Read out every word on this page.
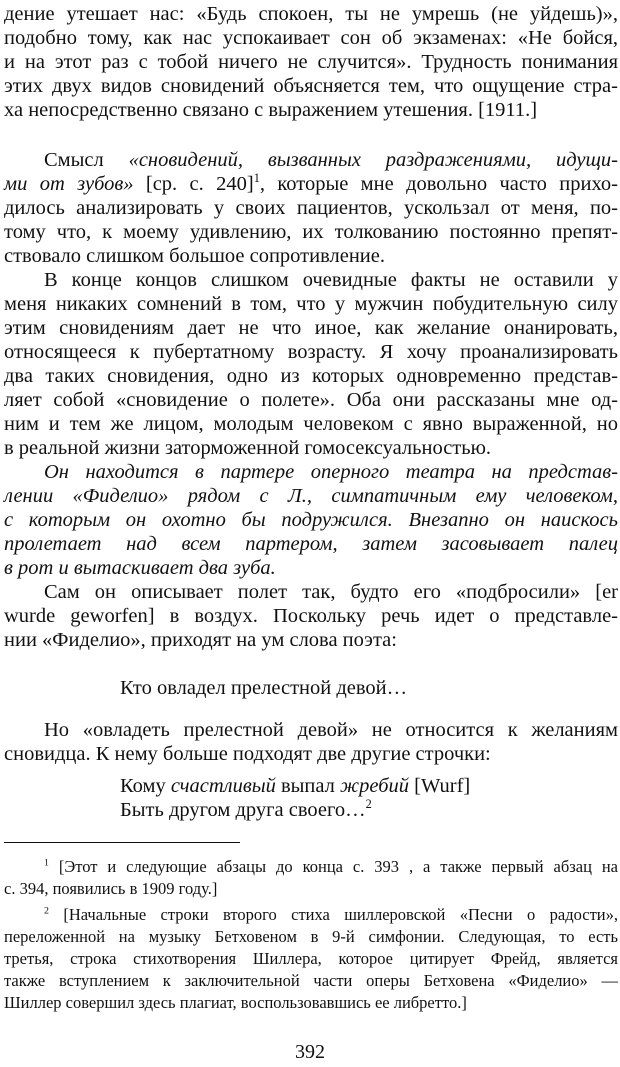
дение утешает нас: «Будь спокоен, ты не умрешь (не уйдешь)»,
подобно тому, как нас успокаивает сон об экзаменах: «Не бойся,
и на этот раз с тобой ничего не случится». Трудность понимания
этих двух видов сновидений объясняется тем, что ощущение стра-
ха непосредственно связано с выражением утешения. [1911.]
Смысл «сновидений, вызванных раздражениями, идущи-
ми от зубов» [ср. с. 240]$^1$, которые мне довольно часто прихо-
дилось анализировать у своих пациентов, ускользал от меня, по-
тому что, к моему удивлению, их толкованию постоянно препят-
ствовало слишком большое сопротивление.
В конце концов слишком очевидные факты не оставили у
меня никаких сомнений в том, что у мужчин побудительную силу
этим сновидениям дает не что иное, как желание онанировать,
относящееся к пубертатному возрасту. Я хочу проанализировать
два таких сновидения, одно из которых одновременно представ-
ляет собой «сновидение о полете». Оба они рассказаны мне од-
ним и тем же лицом, молодым человеком с явно выраженной, но
в реальной жизни заторможенной гомосексуальностью.
Он находится в партере оперного театра на представ-
лении «Фиделио» рядом с Л., симпатичным ему человеком,
с которым он охотно бы подружился. Внезапно он наискось
пролетает над всем партером, затем засовывает палец
в рот и вытаскивает два зуба.
Сам он описывает полет так, будто его «подбросили» [er
wurde geworfen] в воздух. Поскольку речь идет о представле-
нии «Фиделио», приходят на ум слова поэта:
Кто овладел прелестной девой…
Но «овладеть прелестной девой» не относится к желаниям
сновидца. К нему больше подходят две другие строчки:
Кому счастливый выпал жребий [Wurf]
Быть другом друга своего…$^2$
$^1$ [Этот и следующие абзацы до конца с. 393 , а также первый абзац на
с. 394, появились в 1909 году.]
$^2$ [Начальные строки второго стиха шиллеровской «Песни о радости»,
переложенной на музыку Бетховеном в 9-й симфонии. Следующая, то есть
третья, строка стихотворения Шиллера, которое цитирует Фрейд, является
также вступлением к заключительной части оперы Бетховена «Фиделио» —
Шиллер совершил здесь плагиат, воспользовавшись ее либретто.]
392
